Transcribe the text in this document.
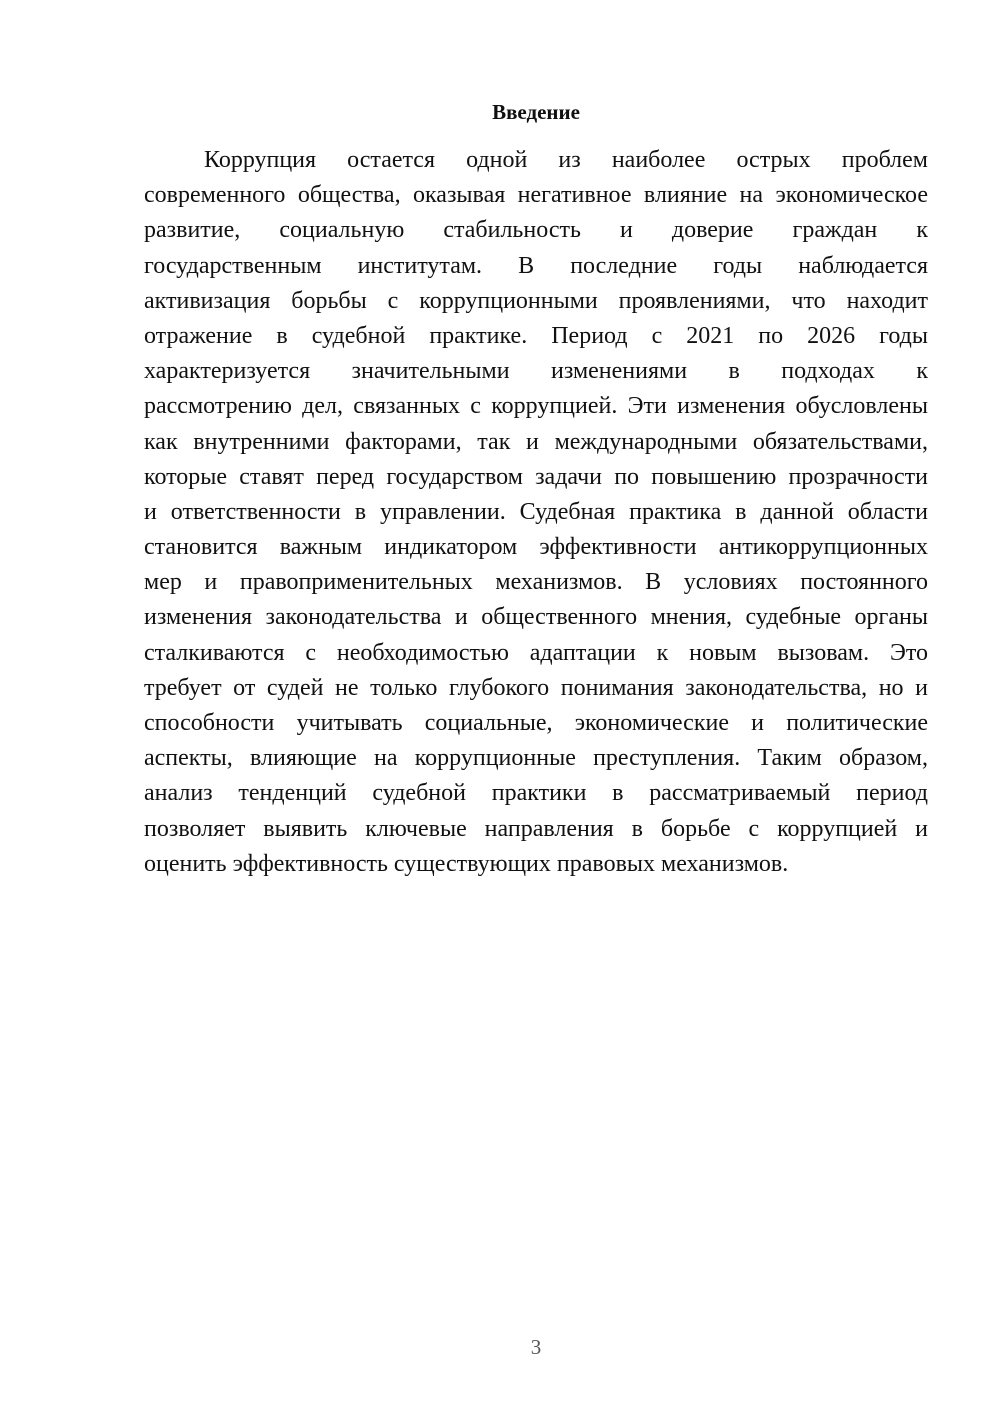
Введение
Коррупция остается одной из наиболее острых проблем
современного общества, оказывая негативное влияние на экономическое
развитие, социальную стабильность и доверие граждан к
государственным институтам. В последние годы наблюдается
активизация борьбы с коррупционными проявлениями, что находит
отражение в судебной практике. Период с 2021 по 2026 годы
характеризуется значительными изменениями в подходах к
рассмотрению дел, связанных с коррупцией. Эти изменения обусловлены
как внутренними факторами, так и международными обязательствами,
которые ставят перед государством задачи по повышению прозрачности
и ответственности в управлении. Судебная практика в данной области
становится важным индикатором эффективности антикоррупционных
мер и правоприменительных механизмов. В условиях постоянного
изменения законодательства и общественного мнения, судебные органы
сталкиваются с необходимостью адаптации к новым вызовам. Это
требует от судей не только глубокого понимания законодательства, но и
способности учитывать социальные, экономические и политические
аспекты, влияющие на коррупционные преступления. Таким образом,
анализ тенденций судебной практики в рассматриваемый период
позволяет выявить ключевые направления в борьбе с коррупцией и
оценить эффективность существующих правовых механизмов.
3
